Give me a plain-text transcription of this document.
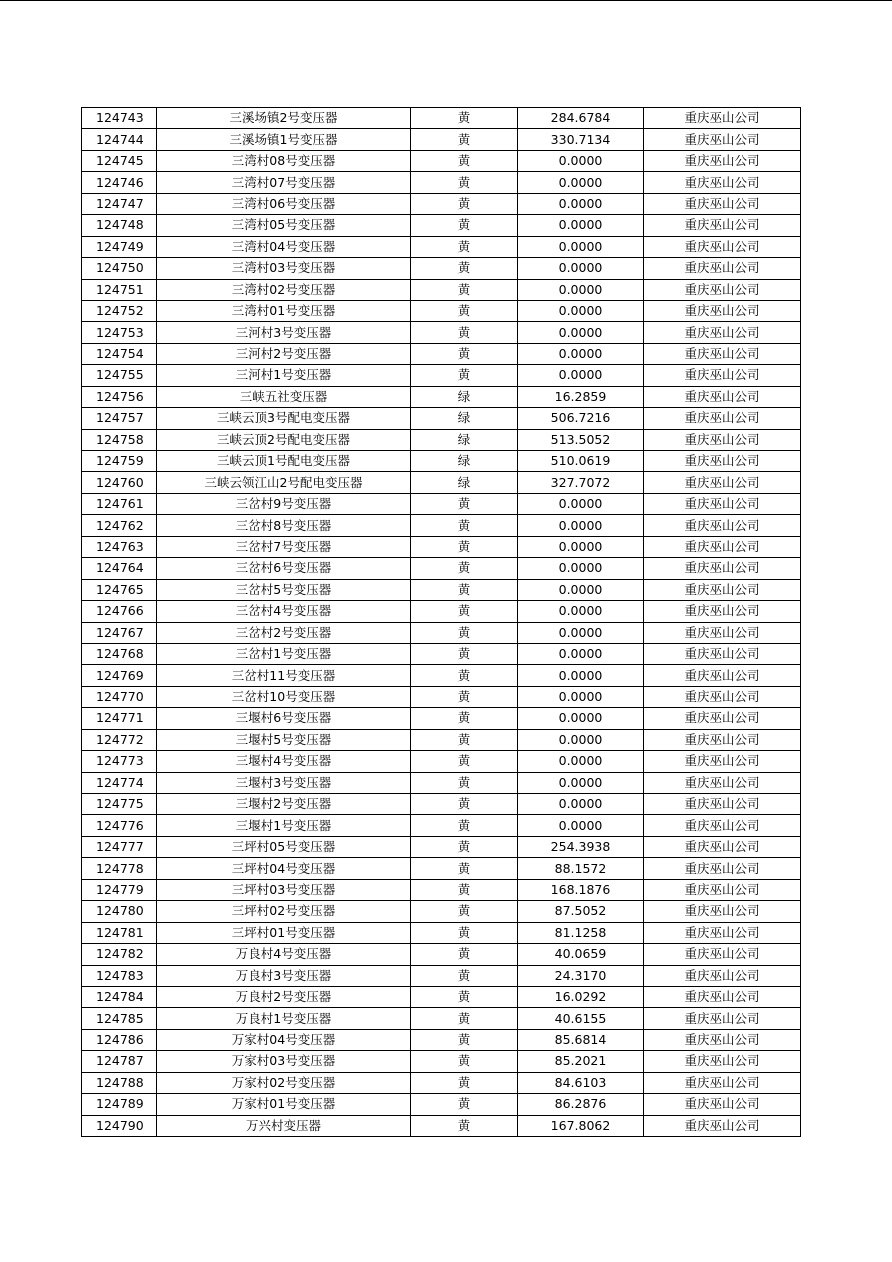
124743	三溪场镇2号变压器	黄	284.6784	重庆巫山公司
124744	三溪场镇1号变压器	黄	330.7134	重庆巫山公司
124745	三湾村08号变压器	黄	0.0000	重庆巫山公司
124746	三湾村07号变压器	黄	0.0000	重庆巫山公司
124747	三湾村06号变压器	黄	0.0000	重庆巫山公司
124748	三湾村05号变压器	黄	0.0000	重庆巫山公司
124749	三湾村04号变压器	黄	0.0000	重庆巫山公司
124750	三湾村03号变压器	黄	0.0000	重庆巫山公司
124751	三湾村02号变压器	黄	0.0000	重庆巫山公司
124752	三湾村01号变压器	黄	0.0000	重庆巫山公司
124753	三河村3号变压器	黄	0.0000	重庆巫山公司
124754	三河村2号变压器	黄	0.0000	重庆巫山公司
124755	三河村1号变压器	黄	0.0000	重庆巫山公司
124756	三峡五社变压器	绿	16.2859	重庆巫山公司
124757	三峡云顶3号配电变压器	绿	506.7216	重庆巫山公司
124758	三峡云顶2号配电变压器	绿	513.5052	重庆巫山公司
124759	三峡云顶1号配电变压器	绿	510.0619	重庆巫山公司
124760	三峡云领江山2号配电变压器	绿	327.7072	重庆巫山公司
124761	三岔村9号变压器	黄	0.0000	重庆巫山公司
124762	三岔村8号变压器	黄	0.0000	重庆巫山公司
124763	三岔村7号变压器	黄	0.0000	重庆巫山公司
124764	三岔村6号变压器	黄	0.0000	重庆巫山公司
124765	三岔村5号变压器	黄	0.0000	重庆巫山公司
124766	三岔村4号变压器	黄	0.0000	重庆巫山公司
124767	三岔村2号变压器	黄	0.0000	重庆巫山公司
124768	三岔村1号变压器	黄	0.0000	重庆巫山公司
124769	三岔村11号变压器	黄	0.0000	重庆巫山公司
124770	三岔村10号变压器	黄	0.0000	重庆巫山公司
124771	三堰村6号变压器	黄	0.0000	重庆巫山公司
124772	三堰村5号变压器	黄	0.0000	重庆巫山公司
124773	三堰村4号变压器	黄	0.0000	重庆巫山公司
124774	三堰村3号变压器	黄	0.0000	重庆巫山公司
124775	三堰村2号变压器	黄	0.0000	重庆巫山公司
124776	三堰村1号变压器	黄	0.0000	重庆巫山公司
124777	三坪村05号变压器	黄	254.3938	重庆巫山公司
124778	三坪村04号变压器	黄	88.1572	重庆巫山公司
124779	三坪村03号变压器	黄	168.1876	重庆巫山公司
124780	三坪村02号变压器	黄	87.5052	重庆巫山公司
124781	三坪村01号变压器	黄	81.1258	重庆巫山公司
124782	万良村4号变压器	黄	40.0659	重庆巫山公司
124783	万良村3号变压器	黄	24.3170	重庆巫山公司
124784	万良村2号变压器	黄	16.0292	重庆巫山公司
124785	万良村1号变压器	黄	40.6155	重庆巫山公司
124786	万家村04号变压器	黄	85.6814	重庆巫山公司
124787	万家村03号变压器	黄	85.2021	重庆巫山公司
124788	万家村02号变压器	黄	84.6103	重庆巫山公司
124789	万家村01号变压器	黄	86.2876	重庆巫山公司
124790	万兴村变压器	黄	167.8062	重庆巫山公司
